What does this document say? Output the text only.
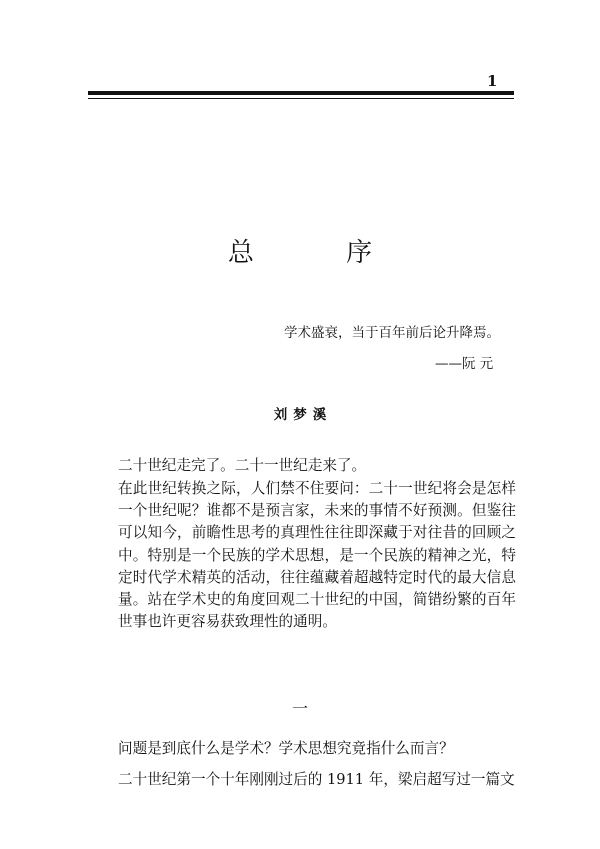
1
总 序
学术盛衰，当于百年前后论升降焉。
——阮 元
刘梦溪

二十世纪走完了。二十一世纪走来了。

在此世纪转换之际，人们禁不住要问：二十一世纪将会是怎样一个世纪呢？谁都不是预言家，未来的事情不好预测。但鉴往可以知今，前瞻性思考的真理性往往即深藏于对往昔的回顾之中。特别是一个民族的学术思想，是一个民族的精神之光，特定时代学术精英的活动，往往蕴藏着超越特定时代的最大信息量。站在学术史的角度回观二十世纪的中国，简错纷繁的百年世事也许更容易获致理性的通明。

一

问题是到底什么是学术？学术思想究竟指什么而言？

二十世纪第一个十年刚刚过后的 1911 年，梁启超写过一篇文
